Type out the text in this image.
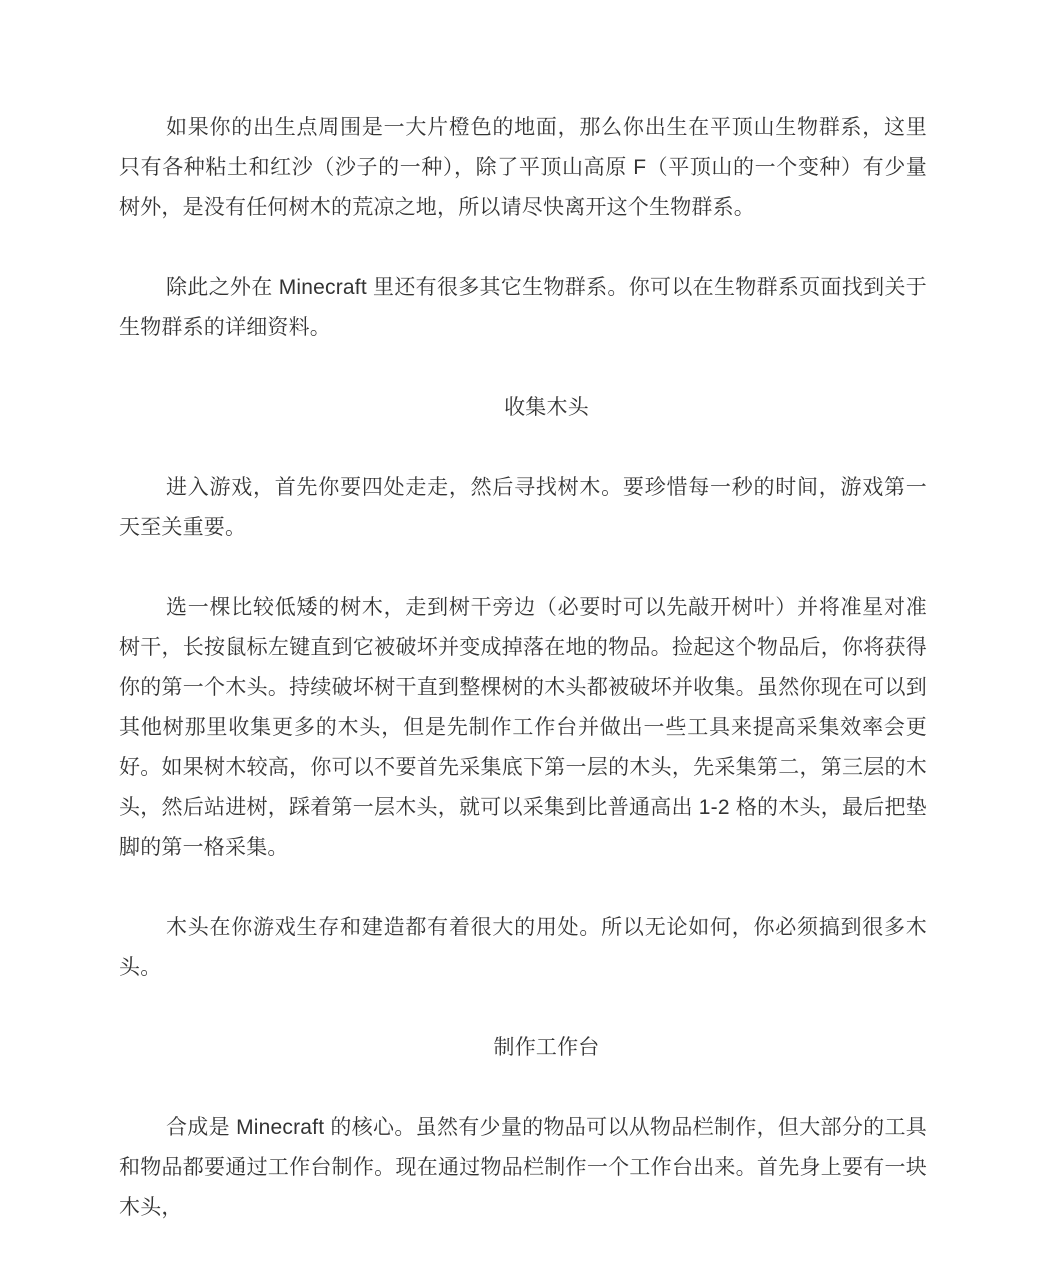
如果你的出生点周围是一大片橙色的地面，那么你出生在平顶山生物群系，这里只有各种粘土和红沙（沙子的一种），除了平顶山高原 F（平顶山的一个变种）有少量树外，是没有任何树木的荒凉之地，所以请尽快离开这个生物群系。

除此之外在 Minecraft 里还有很多其它生物群系。你可以在生物群系页面找到关于生物群系的详细资料。

收集木头

进入游戏，首先你要四处走走，然后寻找树木。要珍惜每一秒的时间，游戏第一天至关重要。

选一棵比较低矮的树木，走到树干旁边（必要时可以先敲开树叶）并将准星对准树干，长按鼠标左键直到它被破坏并变成掉落在地的物品。捡起这个物品后，你将获得你的第一个木头。持续破坏树干直到整棵树的木头都被破坏并收集。虽然你现在可以到其他树那里收集更多的木头，但是先制作工作台并做出一些工具来提高采集效率会更好。如果树木较高，你可以不要首先采集底下第一层的木头，先采集第二，第三层的木头，然后站进树，踩着第一层木头，就可以采集到比普通高出 1-2 格的木头，最后把垫脚的第一格采集。

木头在你游戏生存和建造都有着很大的用处。所以无论如何，你必须搞到很多木头。

制作工作台

合成是 Minecraft 的核心。虽然有少量的物品可以从物品栏制作，但大部分的工具和物品都要通过工作台制作。现在通过物品栏制作一个工作台出来。首先身上要有一块木头，
